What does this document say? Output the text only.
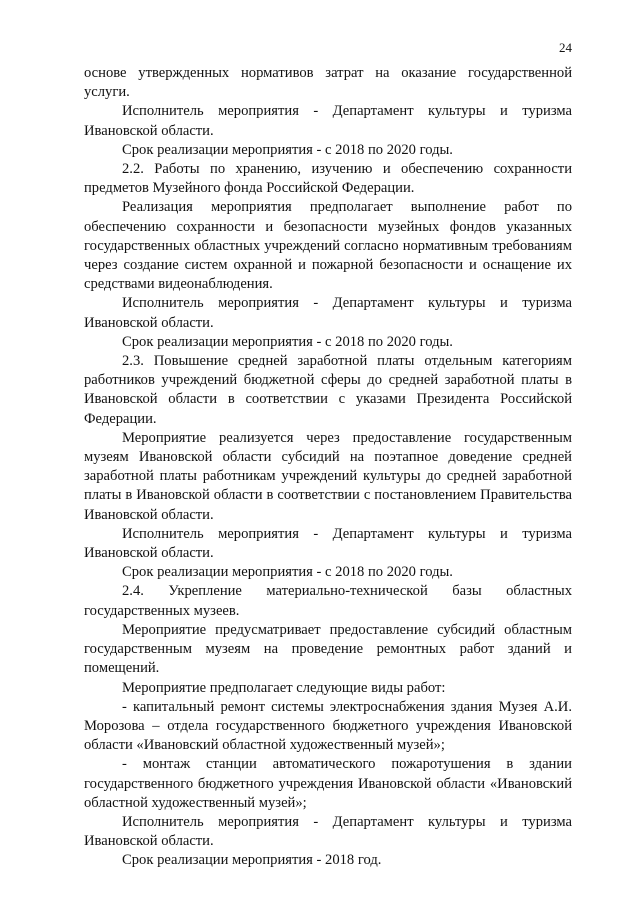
24

основе утвержденных нормативов затрат на оказание государственной услуги.

Исполнитель мероприятия - Департамент культуры и туризма Ивановской области.

Срок реализации мероприятия - с 2018 по 2020 годы.

2.2. Работы по хранению, изучению и обеспечению сохранности предметов Музейного фонда Российской Федерации.

Реализация мероприятия предполагает выполнение работ по обеспечению сохранности и безопасности музейных фондов указанных государственных областных учреждений согласно нормативным требованиям через создание систем охранной и пожарной безопасности и оснащение их средствами видеонаблюдения.

Исполнитель мероприятия - Департамент культуры и туризма Ивановской области.

Срок реализации мероприятия - с 2018 по 2020 годы.

2.3. Повышение средней заработной платы отдельным категориям работников учреждений бюджетной сферы до средней заработной платы в Ивановской области в соответствии с указами Президента Российской Федерации.

Мероприятие реализуется через предоставление государственным музеям Ивановской области субсидий на поэтапное доведение средней заработной платы работникам учреждений культуры до средней заработной платы в Ивановской области в соответствии с постановлением Правительства Ивановской области.

Исполнитель мероприятия - Департамент культуры и туризма Ивановской области.

Срок реализации мероприятия - с 2018 по 2020 годы.

2.4. Укрепление материально-технической базы областных государственных музеев.

Мероприятие предусматривает предоставление субсидий областным государственным музеям на проведение ремонтных работ зданий и помещений.

Мероприятие предполагает следующие виды работ:

- капитальный ремонт системы электроснабжения здания Музея А.И. Морозова – отдела государственного бюджетного учреждения Ивановской области «Ивановский областной художественный музей»;

- монтаж станции автоматического пожаротушения в здании государственного бюджетного учреждения Ивановской области «Ивановский областной художественный музей»;

Исполнитель мероприятия - Департамент культуры и туризма Ивановской области.

Срок реализации мероприятия - 2018 год.
